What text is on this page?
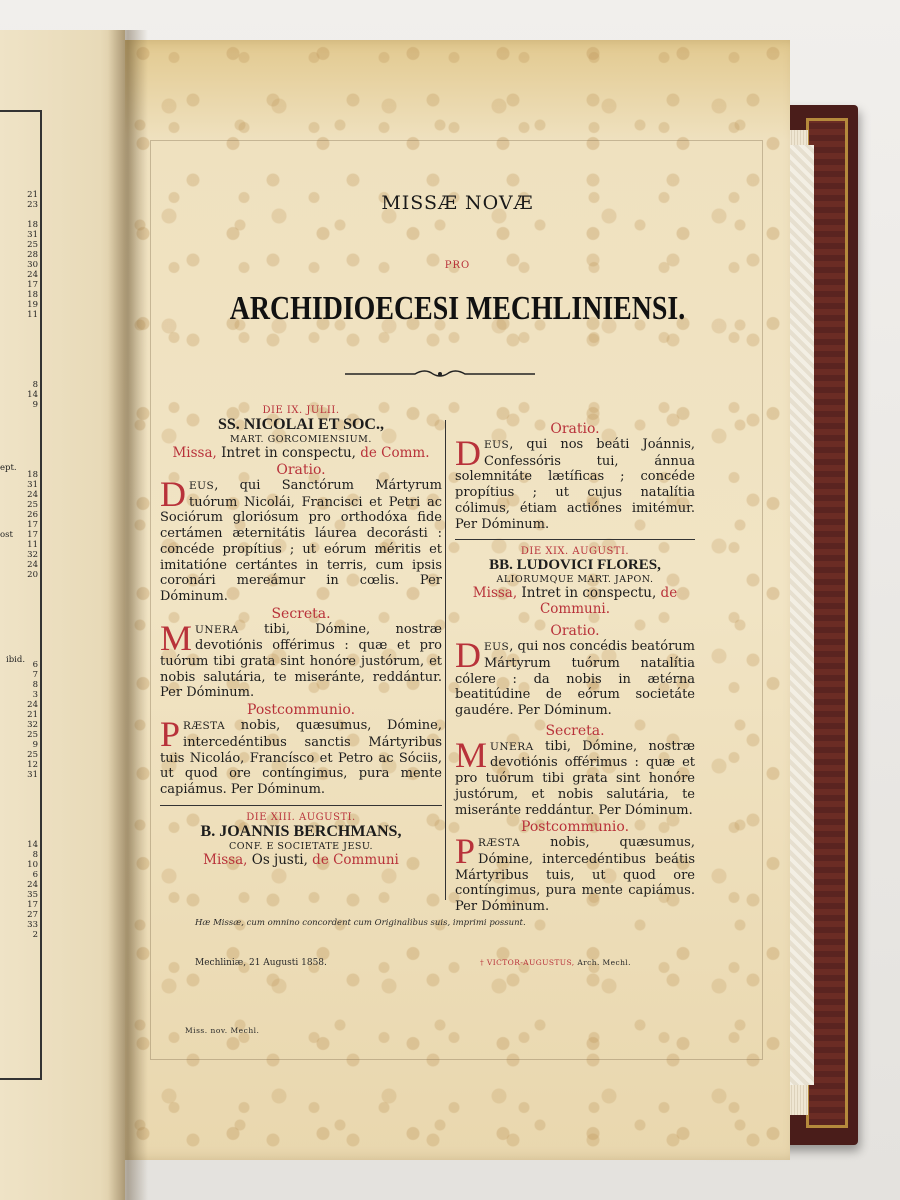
21
23

18
31
25
28
30
24
17
18
19
11

8
14
9

18
31
24
25
26
17
17
11
32
24
20

6
7
8
3
24
21
32
25
9
25
12
31

14
8
10
6
24
35
17
27
33
2
ept.
ost
ibid.
MISSÆ NOVÆ
PRO
ARCHIDIOECESI MECHLINIENSI.
DIE IX. JULII.
SS. NICOLAI ET SOC.,
MART. GORCOMIENSIUM.
Missa, Intret in conspectu, de Comm.
Oratio.

DEUS, qui Sanctórum Mártyrum tuórum Nicolái, Francisci et Petri ac Sociórum gloriósum pro orthodóxa fide certámen æternitátis láurea decorásti : concéde propítius ; ut eórum méritis et imitatióne certántes in terris, cum ipsis coronári mereámur in cœlis. Per Dóminum.

Secreta.

MUNERA tibi, Dómine, nostræ devotiónis offérimus : quæ et pro tuórum tibi grata sint honóre justórum, et nobis salutária, te miseránte, reddántur. Per Dóminum.

Postcommunio.

PRÆSTA nobis, quæsumus, Dómine, intercedéntibus sanctis Mártyribus tuis Nicoláo, Francísco et Petro ac Sóciis, ut quod ore contíngimus, pura mente capiámus. Per Dóminum.

DIE XIII. AUGUSTI.
B. JOANNIS BERCHMANS,
CONF. E SOCIETATE JESU.
Missa, Os justi, de Communi
Oratio.

DEUS, qui nos beáti Joánnis, Confessóris tui, ánnua solemnitáte lætíficas ; concéde propítius ; ut cujus natalítia cólimus, étiam actiónes imitémur. Per Dóminum.

DIE XIX. AUGUSTI.
BB. LUDOVICI FLORES,
ALIORUMQUE MART. JAPON.
Missa, Intret in conspectu, de Communi.
Oratio.

DEUS, qui nos concédis beatórum Mártyrum tuórum natalítia cólere : da nobis in ætérna beatitúdine de eórum societáte gaudére. Per Dóminum.

Secreta.

MUNERA tibi, Dómine, nostræ devotiónis offérimus : quæ et pro tuórum tibi grata sint honóre justórum, et nobis salutária, te miseránte reddántur. Per Dóminum.

Postcommunio.

PRÆSTA nobis, quæsumus, Dómine, intercedéntibus beátis Mártyribus tuis, ut quod ore contíngimus, pura mente capiámus. Per Dóminum.

Hæ Missæ, cum omnino concordent cum Originalibus suis, imprimi possunt.
Mechliniæ, 21 Augusti 1858.	† VICTOR-AUGUSTUS, Arch. Mechl.
Miss. nov. Mechl.
